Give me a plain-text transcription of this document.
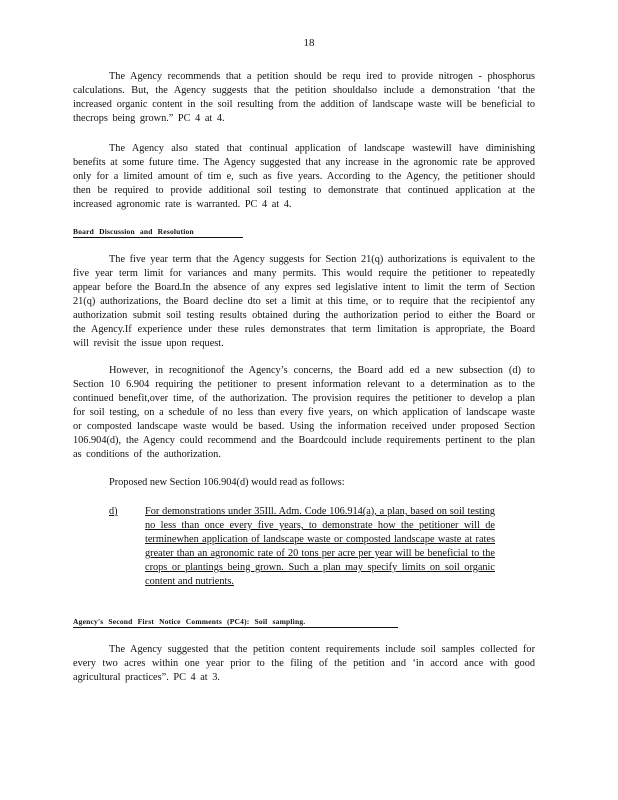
18

The Agency recommends that a petition should be requ ired to provide nitrogen - phosphorus calculations. But, the Agency suggests that the petition shouldalso include a demonstration ‘that the increased organic content in the soil resulting from the addition of landscape waste will be beneficial to thecrops being grown.” PC 4 at 4.

The Agency also stated that continual application of landscape wastewill have diminishing benefits at some future time. The Agency suggested that any increase in the agronomic rate be approved only for a limited amount of tim e, such as five years. According to the Agency, the petitioner should then be required to provide additional soil testing to demonstrate that continued application at the increased agronomic rate is warranted. PC 4 at 4.

Board Discussion and Resolution

The five year term that the Agency suggests for Section 21(q) authorizations is equivalent to the five year term limit for variances and many permits. This would require the petitioner to repeatedly appear before the Board.In the absence of any expres sed legislative intent to limit the term of Section 21(q) authorizations, the Board decline dto set a limit at this time, or to require that the recipientof any authorization submit soil testing results obtained during the authorization period to either the Board or the Agency.If experience under these rules demonstrates that term limitation is appropriate, the Board will revisit the issue upon request.

However, in recognitionof the Agency’s concerns, the Board add ed a new subsection (d) to Section 10 6.904 requiring the petitioner to present information relevant to a determination as to the continued benefit,over time, of the authorization. The provision requires the petitioner to develop a plan for soil testing, on a schedule of no less than every five years, on which application of landscape waste or composted landscape waste would be based. Using the information received under proposed Section 106.904(d), the Agency could recommend and the Boardcould include requirements pertinent to the plan as conditions of the authorization.

Proposed new Section 106.904(d) would read as follows:

d)	For demonstrations under 35Ill. Adm. Code 106.914(a), a plan, based on soil testing no less than once every five years, to demonstrate how the petitioner will de terminewhen application of landscape waste or composted landscape waste at rates greater than an agronomic rate of 20 tons per acre per year will be beneficial to the crops or plantings being grown. Such a plan may specify limits on soil organic content and nutrients.

Agency's Second First Notice Comments (PC4): Soil sampling.

The Agency suggested that the petition content requirements include soil samples collected for every two acres within one year prior to the filing of the petition and ‘in accord ance with good agricultural practices”. PC 4 at 3.
